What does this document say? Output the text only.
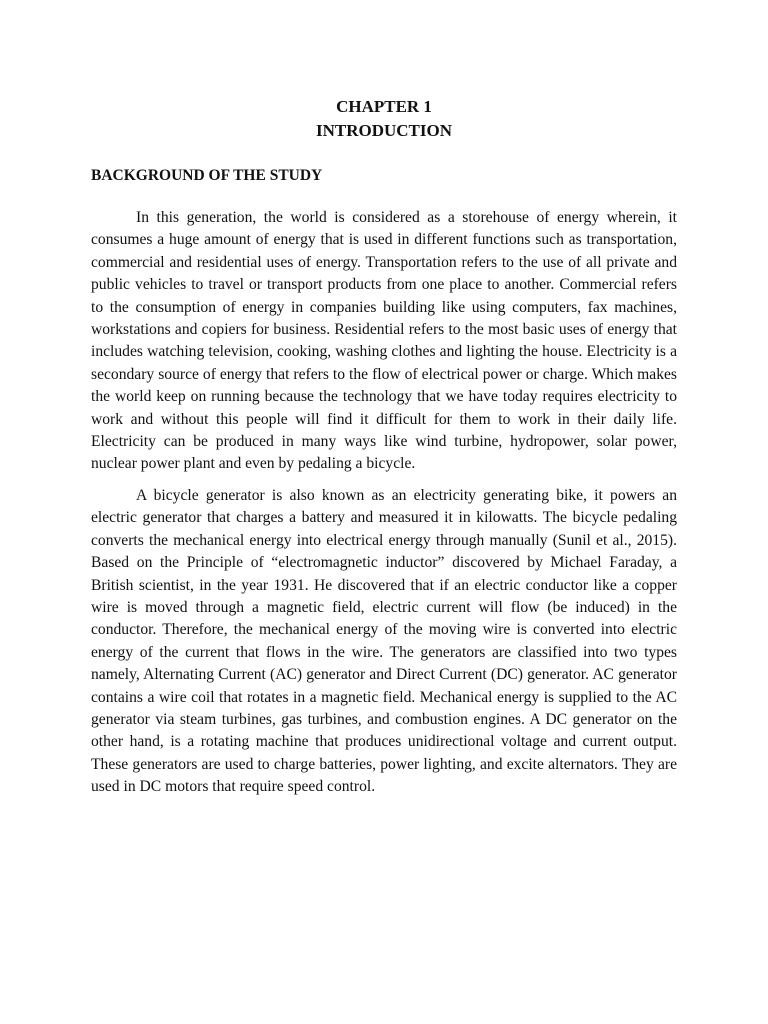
CHAPTER 1
INTRODUCTION
BACKGROUND OF THE STUDY

In this generation, the world is considered as a storehouse of energy wherein, it consumes a huge amount of energy that is used in different functions such as transportation, commercial and residential uses of energy. Transportation refers to the use of all private and public vehicles to travel or transport products from one place to another. Commercial refers to the consumption of energy in companies building like using computers, fax machines, workstations and copiers for business. Residential refers to the most basic uses of energy that includes watching television, cooking, washing clothes and lighting the house. Electricity is a secondary source of energy that refers to the flow of electrical power or charge. Which makes the world keep on running because the technology that we have today requires electricity to work and without this people will find it difficult for them to work in their daily life. Electricity can be produced in many ways like wind turbine, hydropower, solar power, nuclear power plant and even by pedaling a bicycle.

A bicycle generator is also known as an electricity generating bike, it powers an electric generator that charges a battery and measured it in kilowatts. The bicycle pedaling converts the mechanical energy into electrical energy through manually (Sunil et al., 2015). Based on the Principle of “electromagnetic inductor” discovered by Michael Faraday, a British scientist, in the year 1931. He discovered that if an electric conductor like a copper wire is moved through a magnetic field, electric current will flow (be induced) in the conductor. Therefore, the mechanical energy of the moving wire is converted into electric energy of the current that flows in the wire. The generators are classified into two types namely, Alternating Current (AC) generator and Direct Current (DC) generator. AC generator contains a wire coil that rotates in a magnetic field. Mechanical energy is supplied to the AC generator via steam turbines, gas turbines, and combustion engines. A DC generator on the other hand, is a rotating machine that produces unidirectional voltage and current output. These generators are used to charge batteries, power lighting, and excite alternators. They are used in DC motors that require speed control.
